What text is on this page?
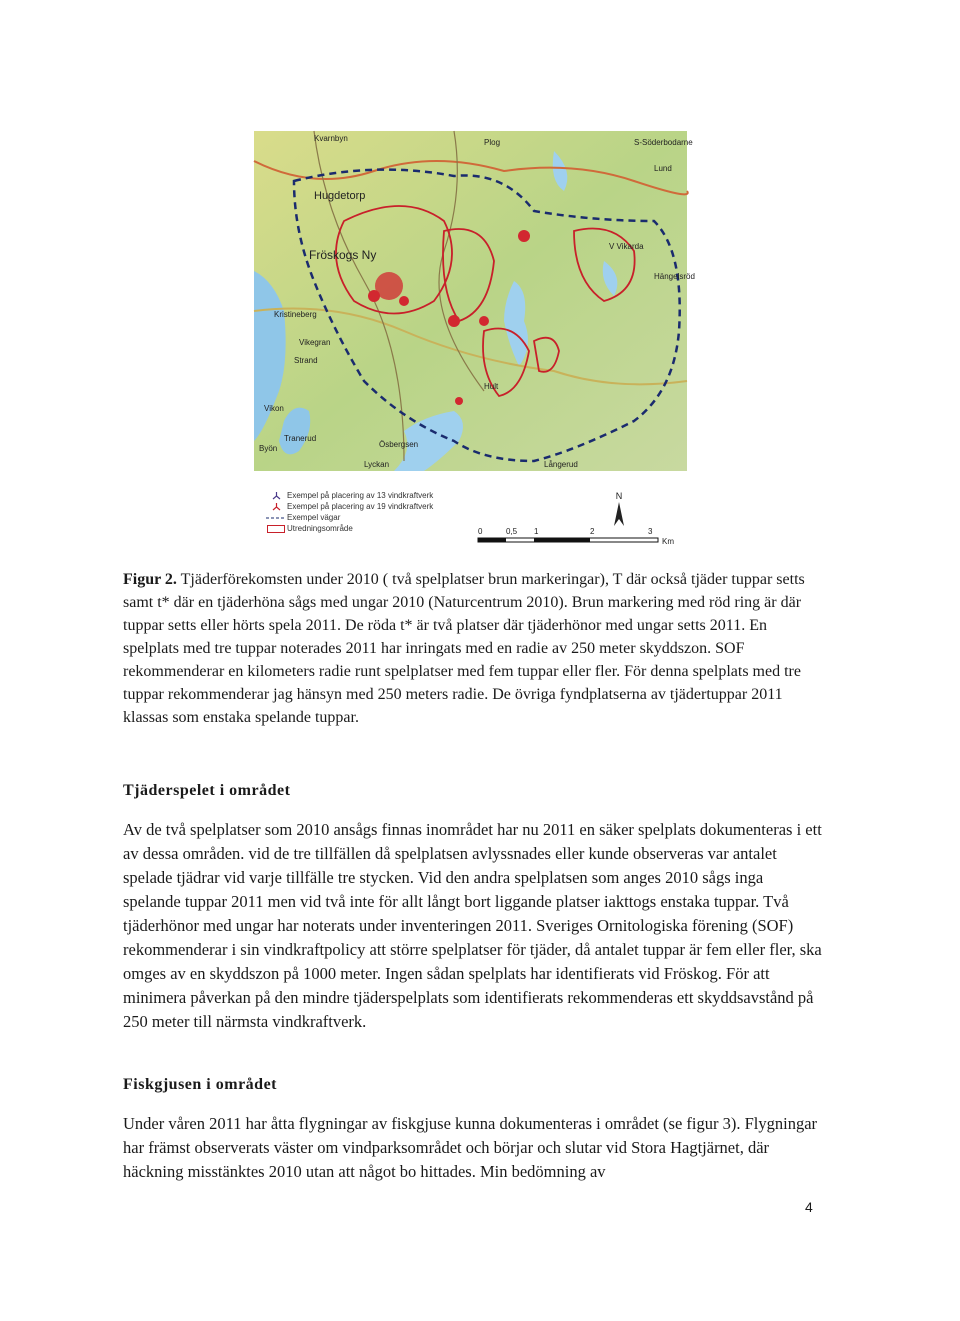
Kvarnbyn	Plog	S-Söderbodarne
Lund
Hugdetorp
Fröskogs Ny
V Vikarda
Hängelsröd
Kristineberg
Vikegran
Strand
Vikon
Tranerud
Ösbergsen
Lyckan	Långerud
Hult
Byön
Exempel på placering av 13 vindkraftverk
Exempel på placering av 19 vindkraftverk
Exempel vägar
Utredningsområde
N
0	0,5 1	2	3
Km
Figur 2. Tjäderförekomsten under 2010 ( två spelplatser brun markeringar), T där också tjäder tuppar setts samt t* där en tjäderhöna sågs med ungar 2010 (Naturcentrum 2010). Brun markering med röd ring är där tuppar setts eller hörts spela 2011. De röda t* är två platser där tjäderhönor med ungar setts 2011. En spelplats med tre tuppar noterades 2011 har inringats med en radie av 250 meter skyddszon. SOF rekommenderar en kilometers radie runt spelplatser med fem tuppar eller fler. För denna spelplats med tre tuppar rekommenderar jag hänsyn med 250 meters radie. De övriga fyndplatserna av tjädertuppar 2011 klassas som enstaka spelande tuppar.
Tjäderspelet i området
Av de två spelplatser som 2010 ansågs finnas inområdet har nu 2011 en säker spelplats dokumenteras i ett av dessa områden. vid de tre tillfällen då spelplatsen avlyssnades eller kunde observeras var antalet spelade tjädrar vid varje tillfälle tre stycken. Vid den andra spelplatsen som anges 2010 sågs inga spelande tuppar 2011 men vid två inte för allt långt bort liggande platser iakttogs enstaka tuppar. Två tjäderhönor med ungar har noterats under inventeringen 2011. Sveriges Ornitologiska förening (SOF) rekommenderar i sin vindkraftpolicy att större spelplatser för tjäder, då antalet tuppar är fem eller fler, ska omges av en skyddszon på 1000 meter. Ingen sådan spelplats har identifierats vid Fröskog. För att minimera påverkan på den mindre tjäderspelplats som identifierats rekommenderas ett skyddsavstånd på 250 meter till närmsta vindkraftverk.
Fiskgjusen i området
Under våren 2011 har åtta flygningar av fiskgjuse kunna dokumenteras i området (se figur 3). Flygningar har främst observerats väster om vindparksområdet och börjar och slutar vid Stora Hagtjärnet, där häckning misstänktes 2010 utan att något bo hittades. Min bedömning av
4
